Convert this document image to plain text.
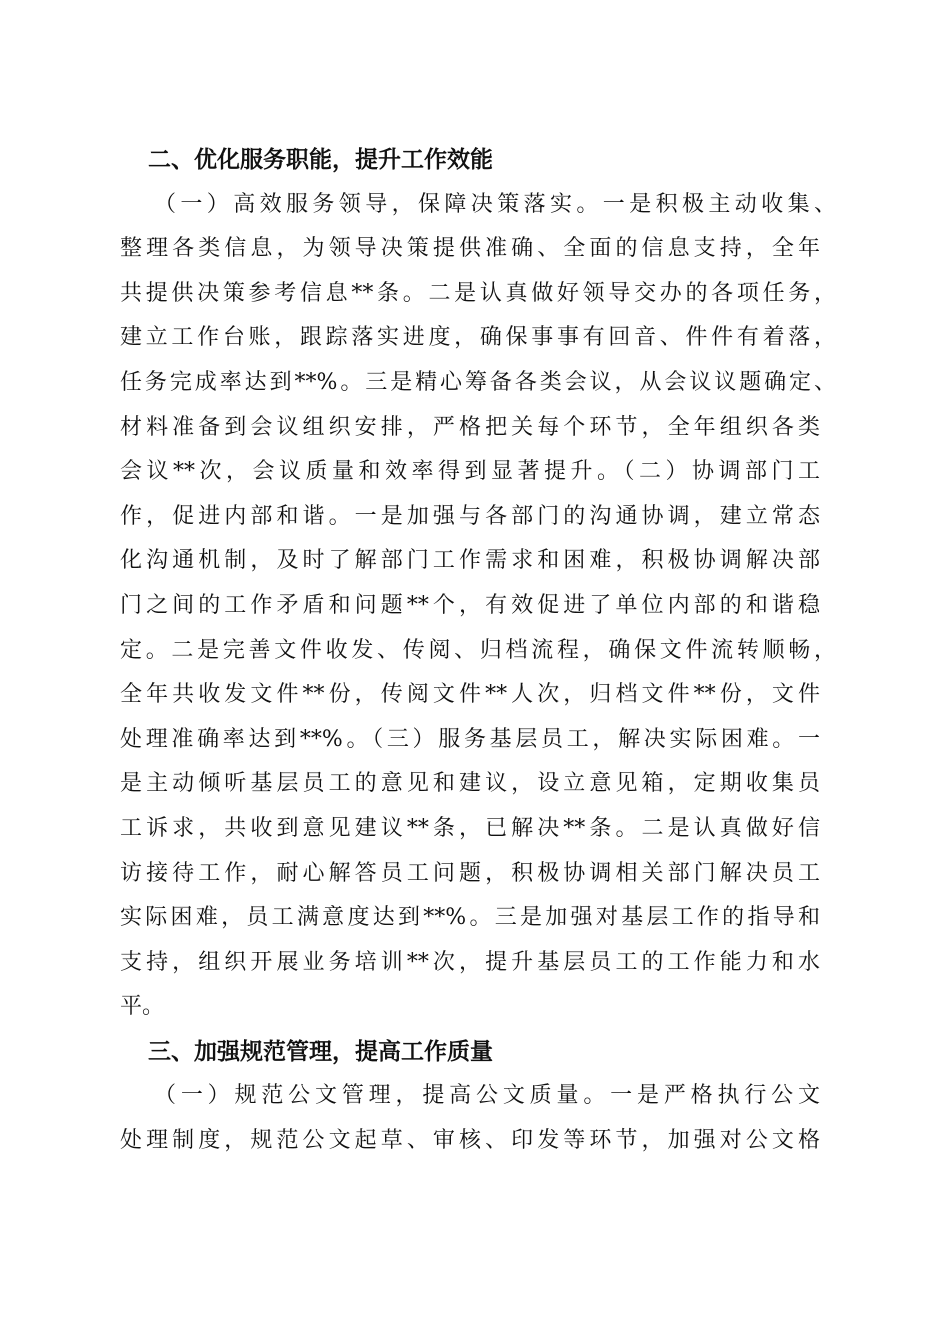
二、优化服务职能，提升工作效能
（一）高效服务领导，保障决策落实。一是积极主动收集、
整理各类信息，为领导决策提供准确、全面的信息支持，全年
共提供决策参考信息**条。二是认真做好领导交办的各项任务，
建立工作台账，跟踪落实进度，确保事事有回音、件件有着落，
任务完成率达到**%。三是精心筹备各类会议，从会议议题确定、
材料准备到会议组织安排，严格把关每个环节，全年组织各类
会议**次，会议质量和效率得到显著提升。（二）协调部门工
作，促进内部和谐。一是加强与各部门的沟通协调，建立常态
化沟通机制，及时了解部门工作需求和困难，积极协调解决部
门之间的工作矛盾和问题**个，有效促进了单位内部的和谐稳
定。二是完善文件收发、传阅、归档流程，确保文件流转顺畅，
全年共收发文件**份，传阅文件**人次，归档文件**份，文件
处理准确率达到**%。（三）服务基层员工，解决实际困难。一
是主动倾听基层员工的意见和建议，设立意见箱，定期收集员
工诉求，共收到意见建议**条，已解决**条。二是认真做好信
访接待工作，耐心解答员工问题，积极协调相关部门解决员工
实际困难，员工满意度达到**%。三是加强对基层工作的指导和
支持，组织开展业务培训**次，提升基层员工的工作能力和水
平。
三、加强规范管理，提高工作质量
（一）规范公文管理，提高公文质量。一是严格执行公文
处理制度，规范公文起草、审核、印发等环节，加强对公文格
